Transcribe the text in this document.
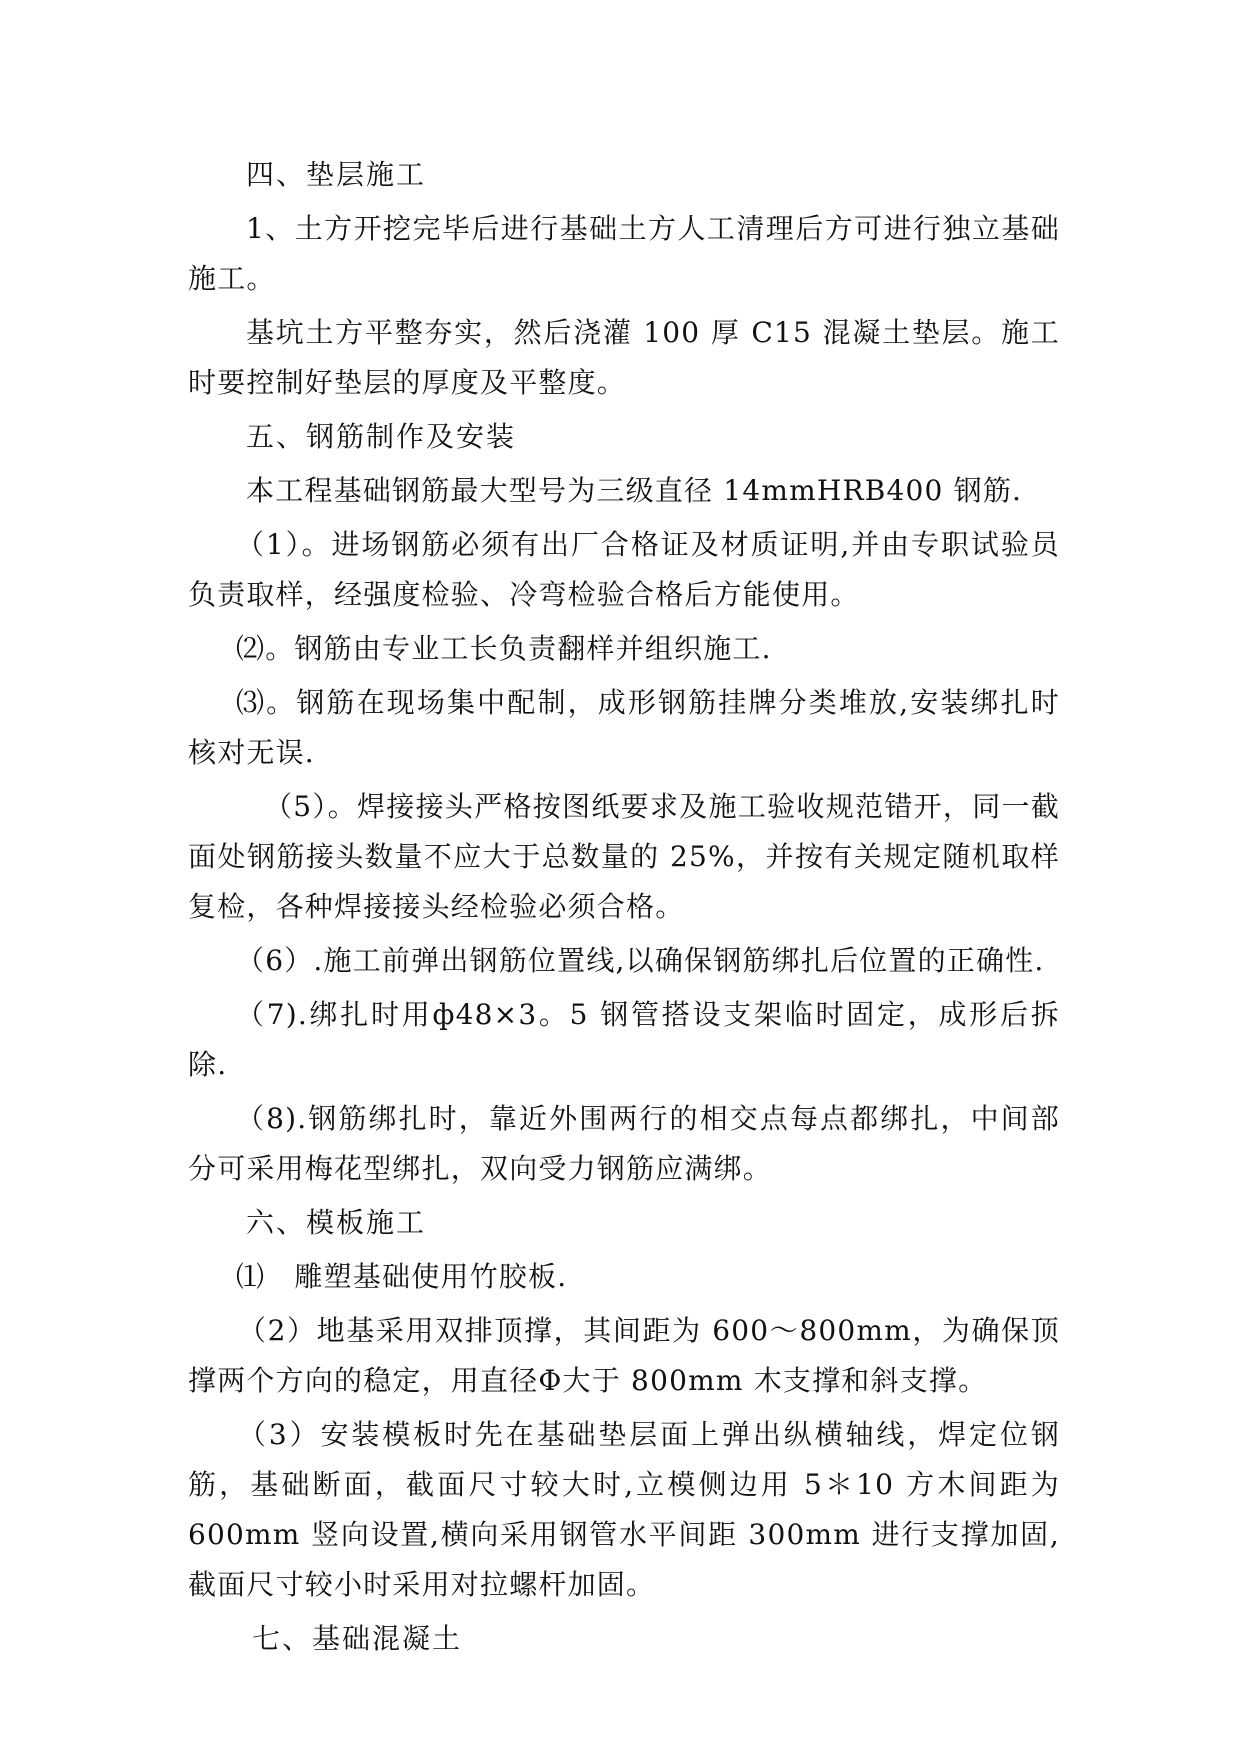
四、垫层施工

1、土方开挖完毕后进行基础土方人工清理后方可进行独立基础施工。

基坑土方平整夯实，然后浇灌 100 厚 C15 混凝土垫层。施工时要控制好垫层的厚度及平整度。

五、钢筋制作及安装

本工程基础钢筋最大型号为三级直径 14mmHRB400 钢筋.

（1）。进场钢筋必须有出厂合格证及材质证明,并由专职试验员负责取样，经强度检验、冷弯检验合格后方能使用。

⑵。钢筋由专业工长负责翻样并组织施工.

⑶。钢筋在现场集中配制，成形钢筋挂牌分类堆放,安装绑扎时核对无误.

（5）。焊接接头严格按图纸要求及施工验收规范错开，同一截面处钢筋接头数量不应大于总数量的 25%，并按有关规定随机取样复检，各种焊接接头经检验必须合格。

（6）.施工前弹出钢筋位置线,以确保钢筋绑扎后位置的正确性.

（7).绑扎时用ф48×3。5 钢管搭设支架临时固定，成形后拆除.

（8).钢筋绑扎时，靠近外围两行的相交点每点都绑扎，中间部分可采用梅花型绑扎，双向受力钢筋应满绑。

六、模板施工

⑴　雕塑基础使用竹胶板.

（2）地基采用双排顶撑，其间距为 600～800mm，为确保顶撑两个方向的稳定，用直径Φ大于 800mm 木支撑和斜支撑。

（3）安装模板时先在基础垫层面上弹出纵横轴线，焊定位钢筋，基础断面，截面尺寸较大时,立模侧边用 5＊10 方木间距为 600mm 竖向设置,横向采用钢管水平间距 300mm 进行支撑加固,截面尺寸较小时采用对拉螺杆加固。

七、基础混凝土
